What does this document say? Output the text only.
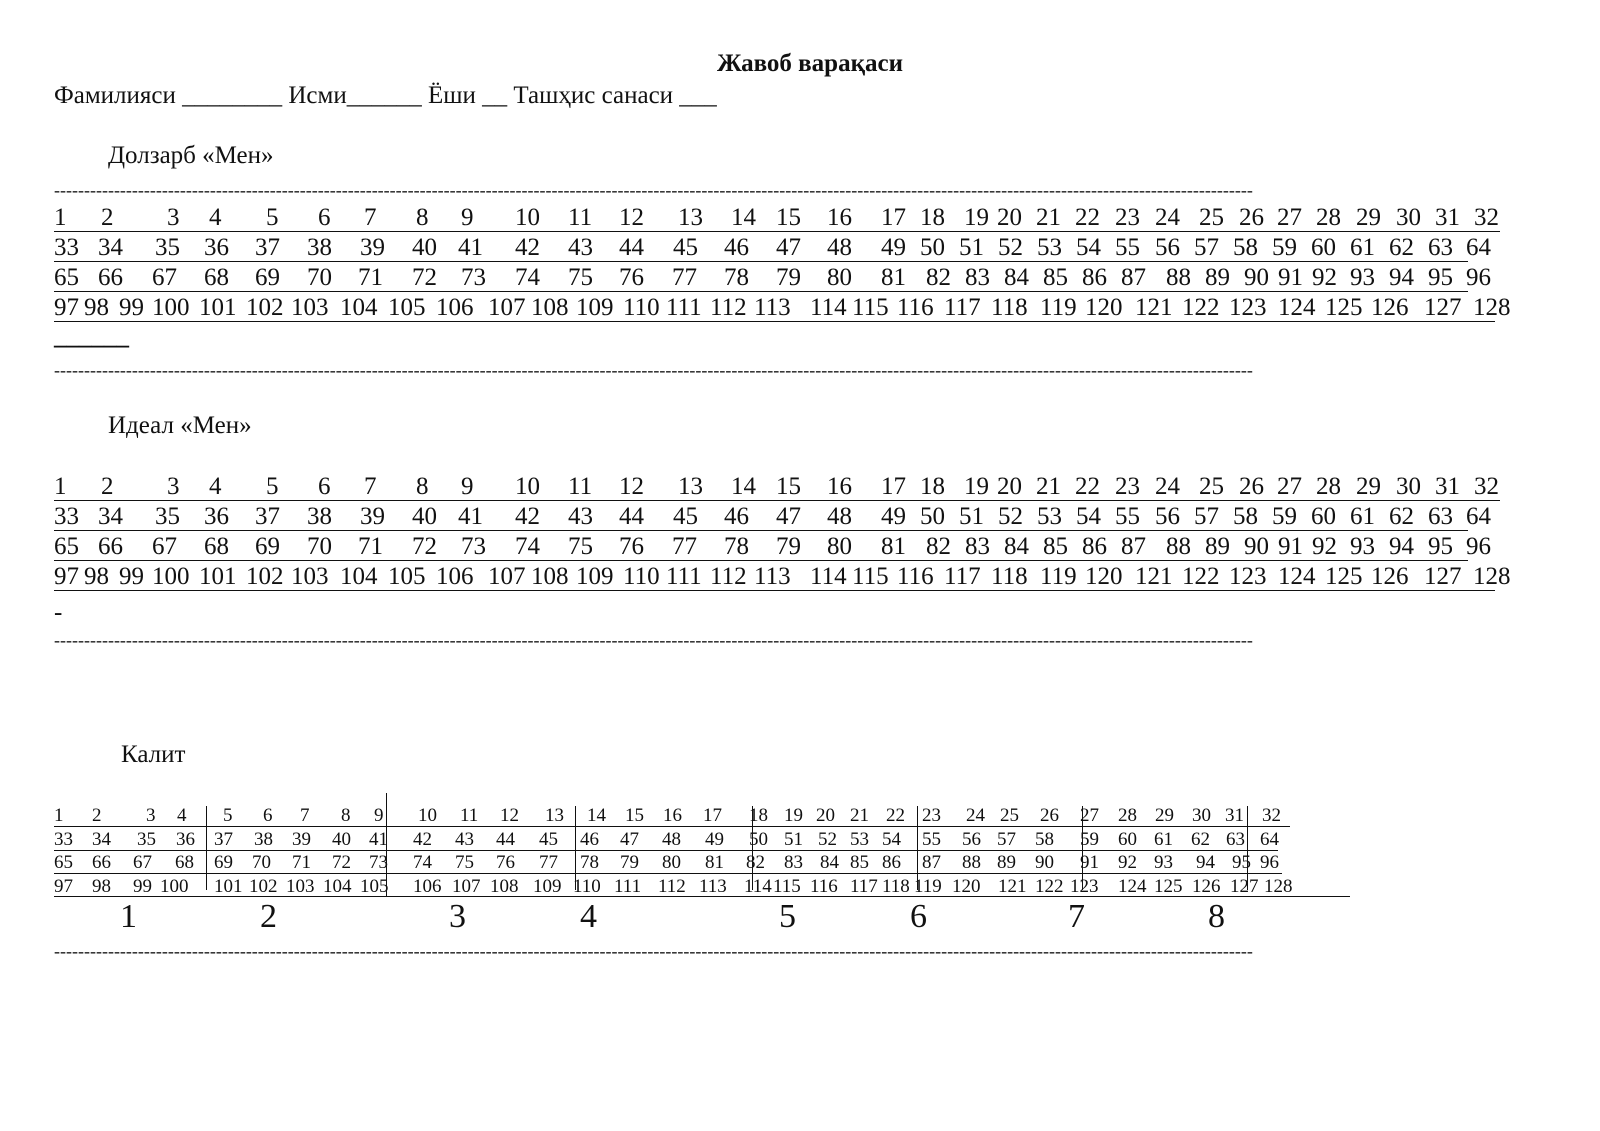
Жавоб варақаси
Фамилияси ________ Исми______ Ёши __ Ташҳис санаси ___
Долзарб «Мен»
--------------------------------------------------------------------------------------------------------------------------------------------------------------------------------------------------------
1 2 3 4 5 6 7 8 9 10 11 12 13 14 15 16 17 18 19 20 21 22 23 24 25 26 27 28 29 30 31 32
33 34 35 36 37 38 39 40 41 42 43 44 45 46 47 48 49 50 51 52 53 54 55 56 57 58 59 60 61 62 63 64
65 66 67 68 69 70 71 72 73 74 75 76 77 78 79 80 81 82 83 84 85 86 87 88 89 90 91 92 93 94 95 96
97 98 99 100 101 102 103 104 105 106 107 108 109 110 111 112 113 114 115 116 117 118 119 120 121 122 123 124 125 126 127 128
______
--------------------------------------------------------------------------------------------------------------------------------------------------------------------------------------------------------
Идеал «Мен»
1 2 3 4 5 6 7 8 9 10 11 12 13 14 15 16 17 18 19 20 21 22 23 24 25 26 27 28 29 30 31 32
33 34 35 36 37 38 39 40 41 42 43 44 45 46 47 48 49 50 51 52 53 54 55 56 57 58 59 60 61 62 63 64
65 66 67 68 69 70 71 72 73 74 75 76 77 78 79 80 81 82 83 84 85 86 87 88 89 90 91 92 93 94 95 96
97 98 99 100 101 102 103 104 105 106 107 108 109 110 111 112 113 114 115 116 117 118 119 120 121 122 123 124 125 126 127 128
-
--------------------------------------------------------------------------------------------------------------------------------------------------------------------------------------------------------
Калит
1 2 3 4 5 6 7 8 9 10 11 12 13 14 15 16 17 18 19 20 21 22 23 24 25 26 27 28 29 30 31 32
33 34 35 36 37 38 39 40 41 42 43 44 45 46 47 48 49 50 51 52 53 54 55 56 57 58 59 60 61 62 63 64
65 66 67 68 69 70 71 72 73 74 75 76 77 78 79 80 81 82 83 84 85 86 87 88 89 90 91 92 93 94 95 96
97 98 99 100 101 102 103 104 105 106 107 108 109 110 111 112 113 114 115 116 117 118 119 120 121 122 123 124 125 126 127 128
1	2	3	4	5	6	7	8
--------------------------------------------------------------------------------------------------------------------------------------------------------------------------------------------------------
